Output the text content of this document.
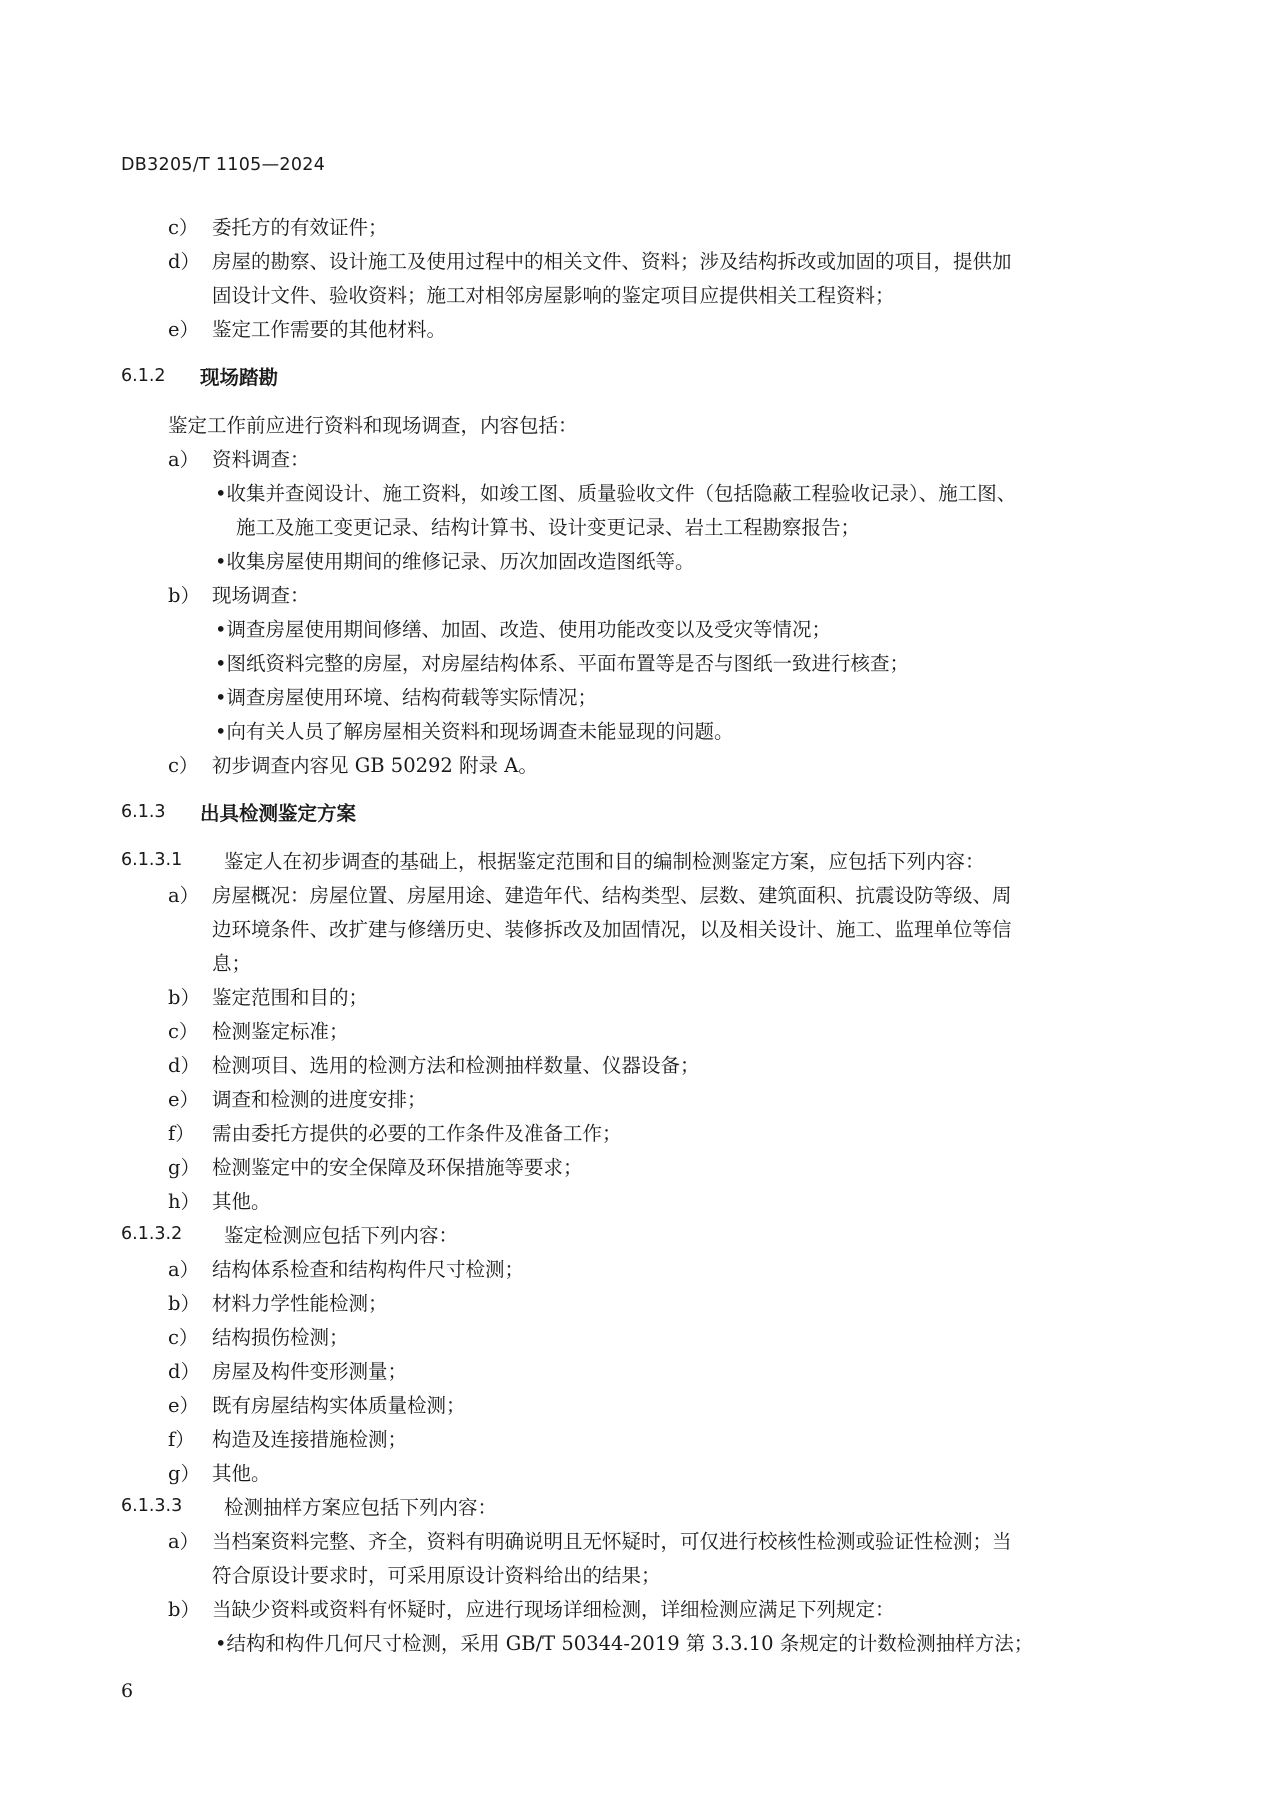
DB3205/T 1105—2024
c） 委托方的有效证件；
d） 房屋的勘察、设计施工及使用过程中的相关文件、资料；涉及结构拆改或加固的项目，提供加
固设计文件、验收资料；施工对相邻房屋影响的鉴定项目应提供相关工程资料；
e） 鉴定工作需要的其他材料。
6.1.2 现场踏勘
鉴定工作前应进行资料和现场调查，内容包括：
a） 资料调查：
•收集并查阅设计、施工资料，如竣工图、质量验收文件（包括隐蔽工程验收记录）、施工图、
施工及施工变更记录、结构计算书、设计变更记录、岩土工程勘察报告；
•收集房屋使用期间的维修记录、历次加固改造图纸等。
b） 现场调查：
•调查房屋使用期间修缮、加固、改造、使用功能改变以及受灾等情况；
•图纸资料完整的房屋，对房屋结构体系、平面布置等是否与图纸一致进行核查；
•调查房屋使用环境、结构荷载等实际情况；
•向有关人员了解房屋相关资料和现场调查未能显现的问题。
c） 初步调查内容见 GB 50292 附录 A。
6.1.3 出具检测鉴定方案
6.1.3.1 鉴定人在初步调查的基础上，根据鉴定范围和目的编制检测鉴定方案，应包括下列内容：
a） 房屋概况：房屋位置、房屋用途、建造年代、结构类型、层数、建筑面积、抗震设防等级、周
边环境条件、改扩建与修缮历史、装修拆改及加固情况，以及相关设计、施工、监理单位等信
息；
b） 鉴定范围和目的；
c） 检测鉴定标准；
d） 检测项目、选用的检测方法和检测抽样数量、仪器设备；
e） 调查和检测的进度安排；
f） 需由委托方提供的必要的工作条件及准备工作；
g） 检测鉴定中的安全保障及环保措施等要求；
h） 其他。
6.1.3.2 鉴定检测应包括下列内容：
a） 结构体系检查和结构构件尺寸检测；
b） 材料力学性能检测；
c） 结构损伤检测；
d） 房屋及构件变形测量；
e） 既有房屋结构实体质量检测；
f） 构造及连接措施检测；
g） 其他。
6.1.3.3 检测抽样方案应包括下列内容：
a） 当档案资料完整、齐全，资料有明确说明且无怀疑时，可仅进行校核性检测或验证性检测；当
符合原设计要求时，可采用原设计资料给出的结果；
b） 当缺少资料或资料有怀疑时，应进行现场详细检测，详细检测应满足下列规定：
•结构和构件几何尺寸检测，采用 GB/T 50344-2019 第 3.3.10 条规定的计数检测抽样方法；
6
